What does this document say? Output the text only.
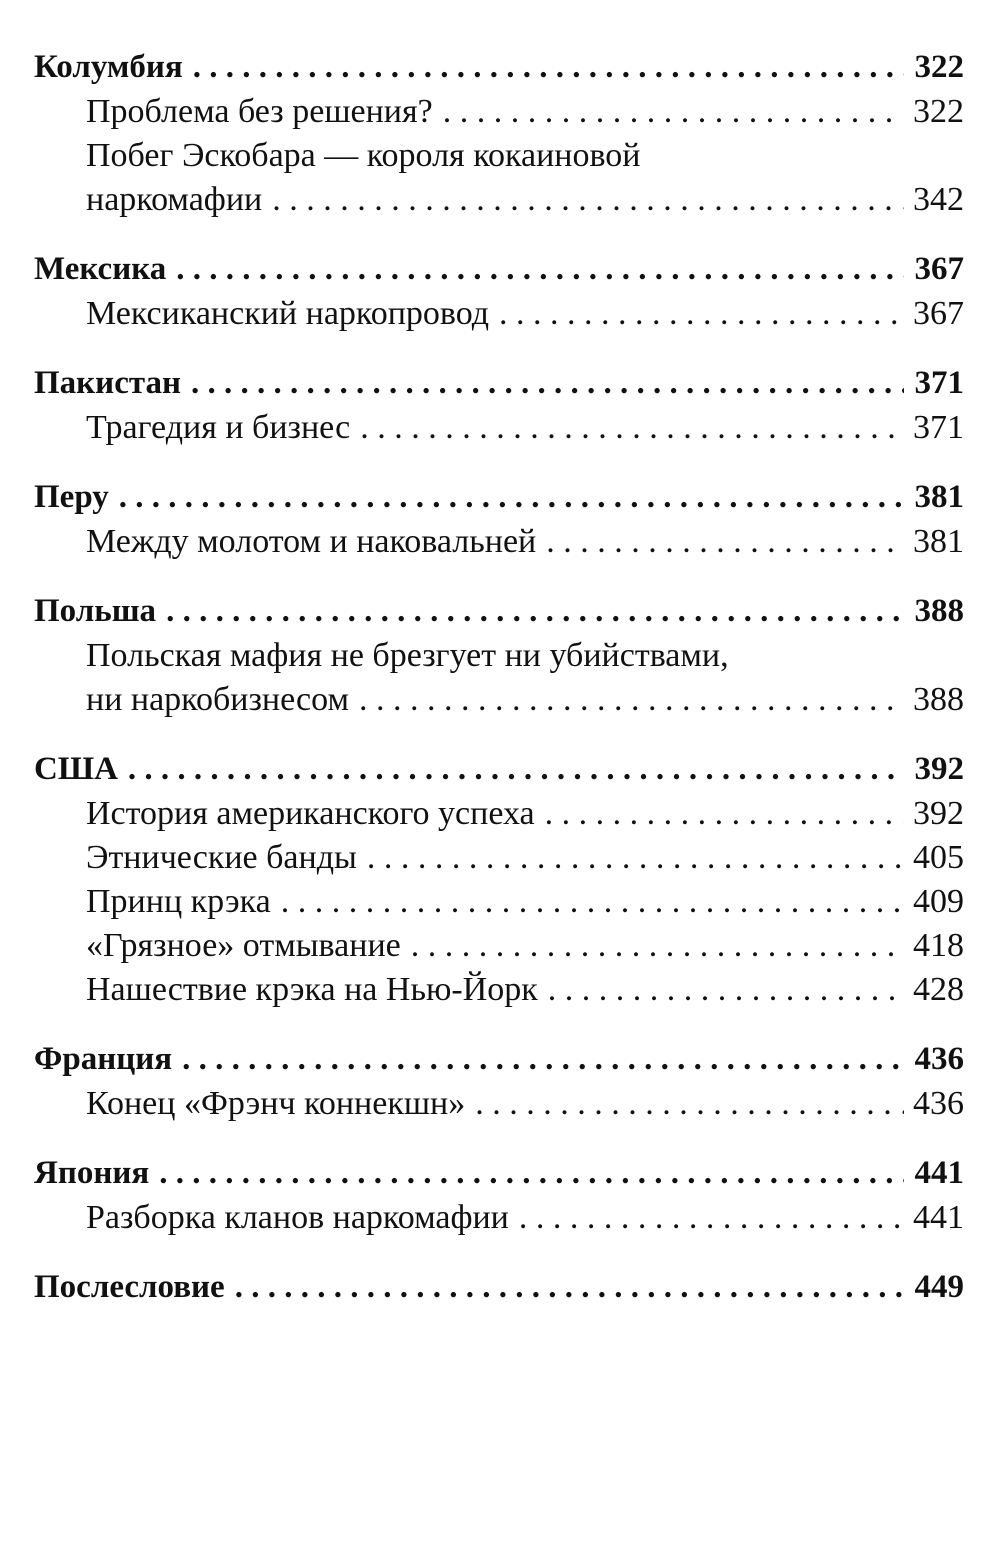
Колумбия . . .	322
Проблема без решения? . . .	322
Побег Эскобара — короля кокаиновой
наркомафии . . .	342
Мексика . . .	367
Мексиканский наркопровод . . .	367
Пакистан . . .	371
Трагедия и бизнес . . .	371
Перу . . .	381
Между молотом и наковальней . . .	381
Польша . . .	388
Польская мафия не брезгует ни убийствами,
ни наркобизнесом . . .	388
США . . .	392
История американского успеха . . .	392
Этнические банды . . .	405
Принц крэка . . .	409
«Грязное» отмывание . . .	418
Нашествие крэка на Нью-Йорк . . .	428
Франция . . .	436
Конец «Фрэнч коннекшн» . . .	436
Япония . . .	441
Разборка кланов наркомафии . . .	441
Послесловие . . .	449
